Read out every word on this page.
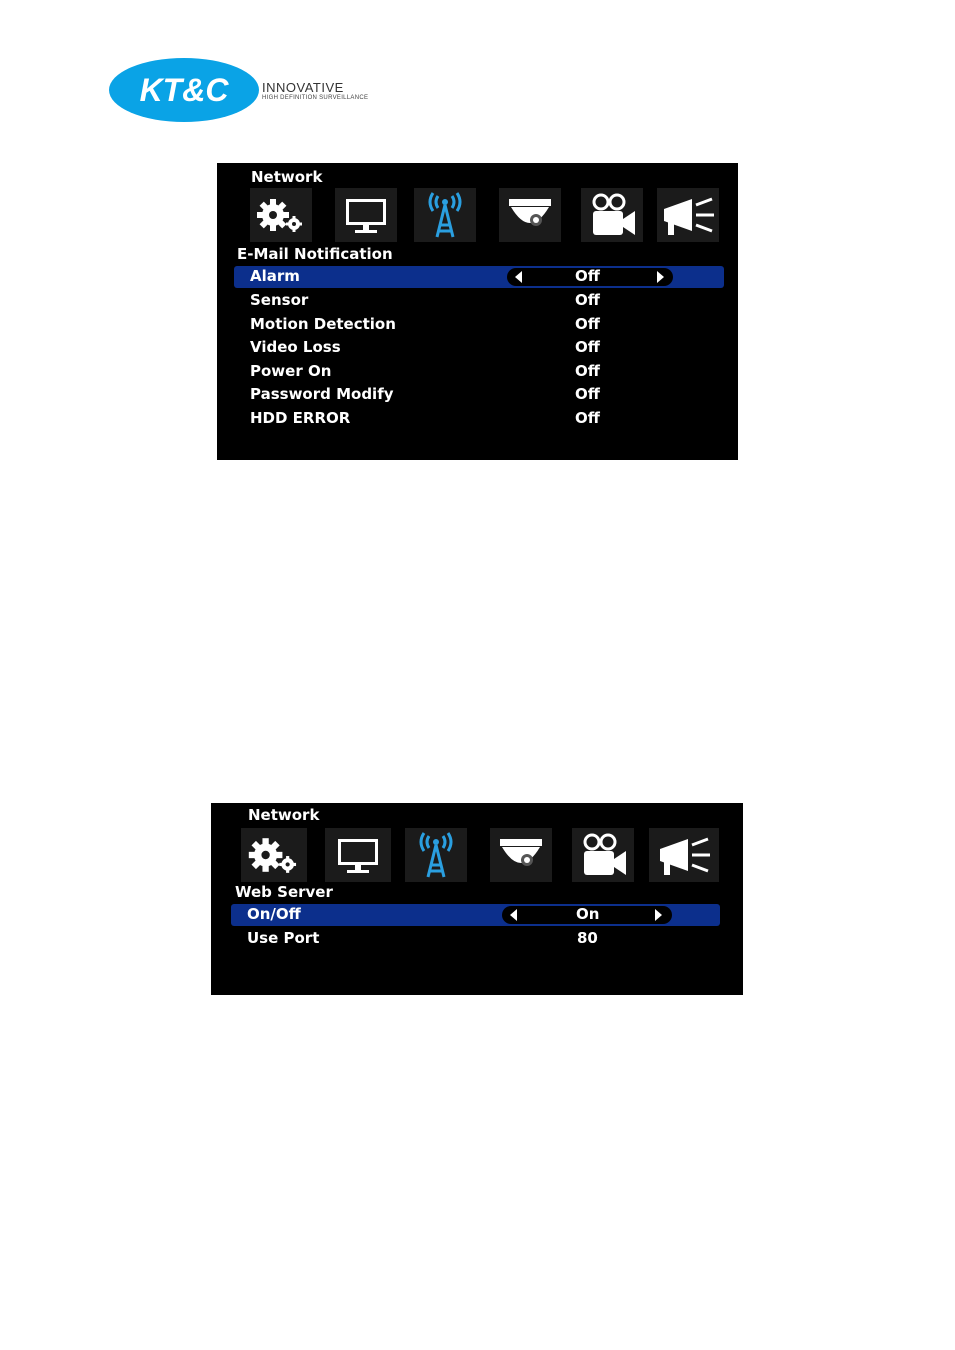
KT&C	INNOVATIVE
HIGH DEFINITION SURVEILLANCE
Network
E-Mail Notification
Alarm	Off
Sensor	Off
Motion Detection	Off
Video Loss	Off
Power On	Off
Password Modify	Off
HDD ERROR	Off
Network
Web Server
On/Off	On
Use Port	80
